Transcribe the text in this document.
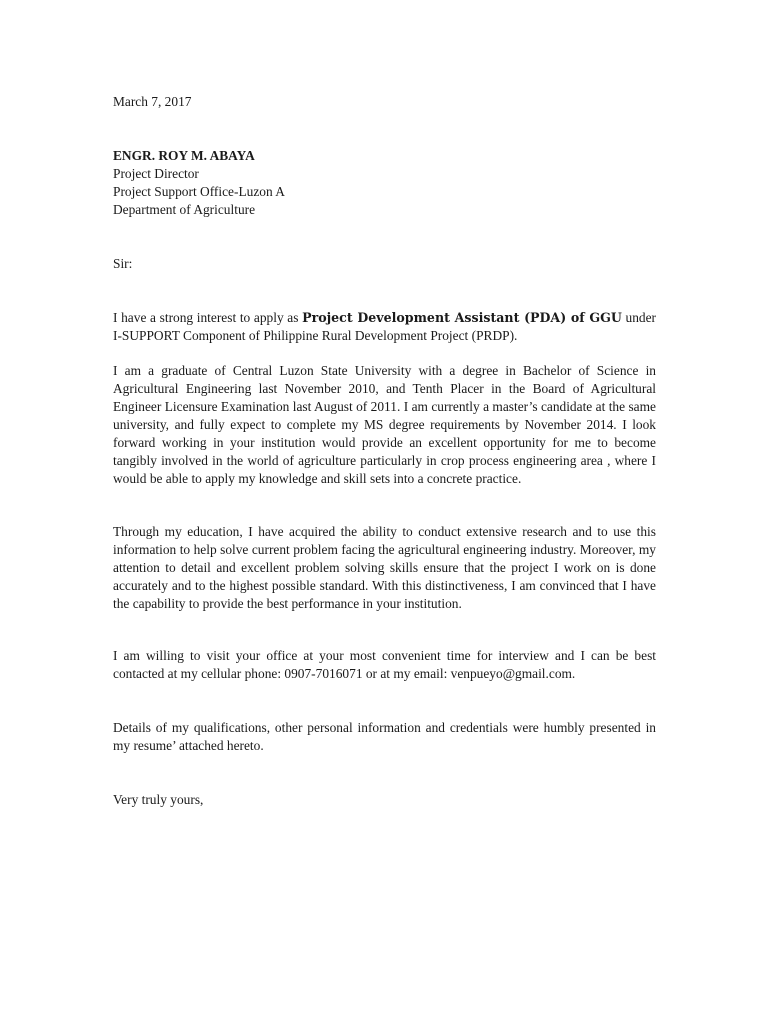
March 7, 2017
ENGR. ROY M. ABAYA
Project Director
Project Support Office-Luzon A
Department of Agriculture
Sir:

I have a strong interest to apply as Project Development Assistant (PDA) of GGU under I-SUPPORT Component of Philippine Rural Development Project (PRDP).

I am a graduate of Central Luzon State University with a degree in Bachelor of Science in Agricultural Engineering last November 2010, and Tenth Placer in the Board of Agricultural Engineer Licensure Examination last August of 2011. I am currently a master’s candidate at the same university, and fully expect to complete my MS degree requirements by November 2014. I look forward working in your institution would provide an excellent opportunity for me to become tangibly involved in the world of agriculture particularly in crop process engineering area , where I would be able to apply my knowledge and skill sets into a concrete practice.

Through my education, I have acquired the ability to conduct extensive research and to use this information to help solve current problem facing the agricultural engineering industry. Moreover, my attention to detail and excellent problem solving skills ensure that the project I work on is done accurately and to the highest possible standard. With this distinctiveness, I am convinced that I have the capability to provide the best performance in your institution.

I am willing to visit your office at your most convenient time for interview and I can be best contacted at my cellular phone: 0907-7016071 or at my email: venpueyo@gmail.com.

Details of my qualifications, other personal information and credentials were humbly presented in my resume’ attached hereto.

Very truly yours,
